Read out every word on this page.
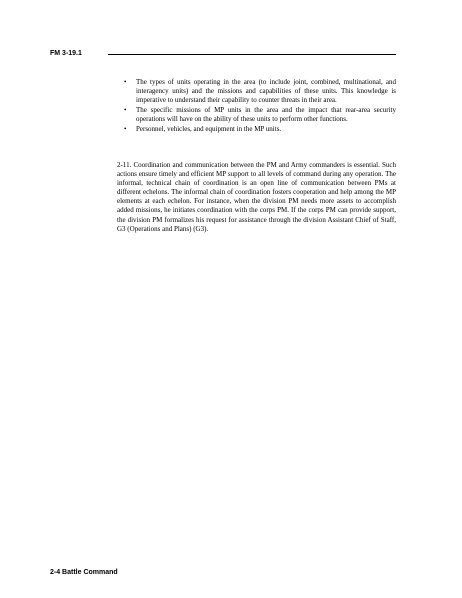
FM 3-19.1
• The types of units operating in the area (to include joint, combined, multinational, and interagency units) and the missions and capabilities of these units. This knowledge is imperative to understand their capability to counter threats in their area.
• The specific missions of MP units in the area and the impact that rear-area security operations will have on the ability of these units to perform other functions.
• Personnel, vehicles, and equipment in the MP units.

2-11. Coordination and communication between the PM and Army commanders is essential. Such actions ensure timely and efficient MP support to all levels of command during any operation. The informal, technical chain of coordination is an open line of communication between PMs at different echelons. The informal chain of coordination fosters cooperation and help among the MP elements at each echelon. For instance, when the division PM needs more assets to accomplish added missions, he initiates coordination with the corps PM. If the corps PM can provide support, the division PM formalizes his request for assistance through the division Assistant Chief of Staff, G3 (Operations and Plans) (G3).

2-4 Battle Command
